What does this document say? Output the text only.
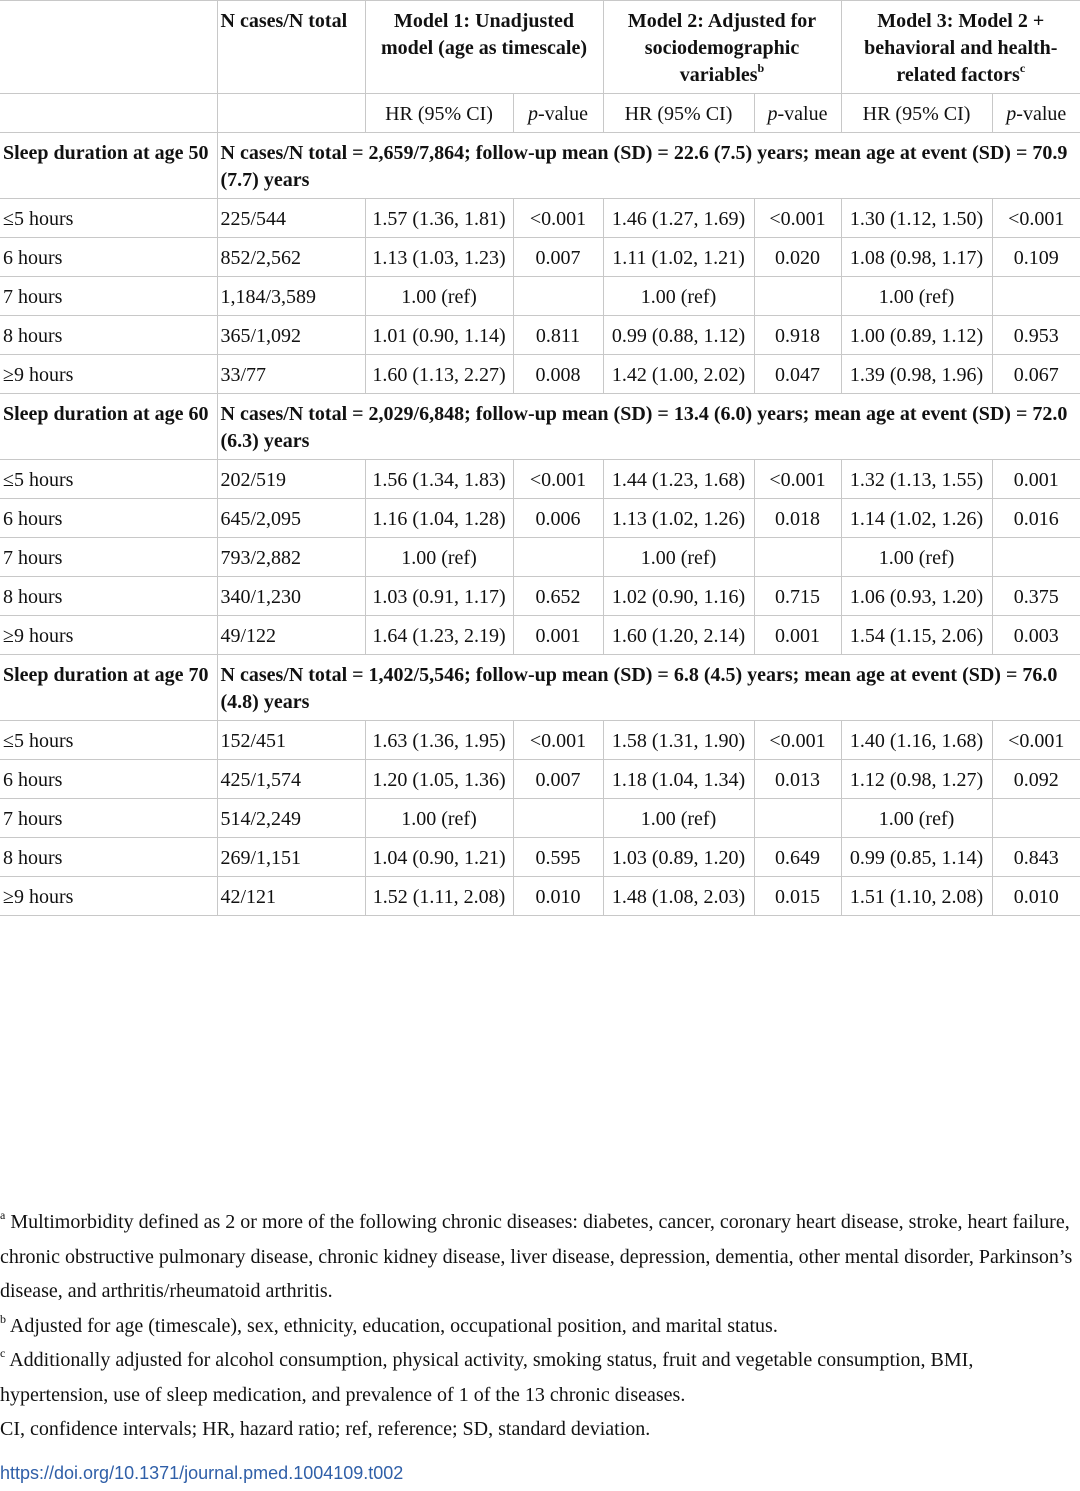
	N cases/N total	Model 1: Unadjusted model (age as timescale)		Model 2: Adjusted for sociodemographic variables$^b$		Model 3: Model 2 + behavioral and health-related factors$^c$
		HR (95% CI)	p-value	HR (95% CI)	p-value	HR (95% CI)	p-value
Sleep duration at age 50	N cases/N total = 2,659/7,864; follow-up mean (SD) = 22.6 (7.5) years; mean age at event (SD) = 70.9 (7.7) years						
≤5 hours	225/544	1.57 (1.36, 1.81)	<0.001	1.46 (1.27, 1.69)	<0.001	1.30 (1.12, 1.50)	<0.001
6 hours	852/2,562	1.13 (1.03, 1.23)	0.007	1.11 (1.02, 1.21)	0.020	1.08 (0.98, 1.17)	0.109
7 hours	1,184/3,589	1.00 (ref)		1.00 (ref)		1.00 (ref)	
8 hours	365/1,092	1.01 (0.90, 1.14)	0.811	0.99 (0.88, 1.12)	0.918	1.00 (0.89, 1.12)	0.953
≥9 hours	33/77	1.60 (1.13, 2.27)	0.008	1.42 (1.00, 2.02)	0.047	1.39 (0.98, 1.96)	0.067
Sleep duration at age 60	N cases/N total = 2,029/6,848; follow-up mean (SD) = 13.4 (6.0) years; mean age at event (SD) = 72.0 (6.3) years						
≤5 hours	202/519	1.56 (1.34, 1.83)	<0.001	1.44 (1.23, 1.68)	<0.001	1.32 (1.13, 1.55)	0.001
6 hours	645/2,095	1.16 (1.04, 1.28)	0.006	1.13 (1.02, 1.26)	0.018	1.14 (1.02, 1.26)	0.016
7 hours	793/2,882	1.00 (ref)		1.00 (ref)		1.00 (ref)	
8 hours	340/1,230	1.03 (0.91, 1.17)	0.652	1.02 (0.90, 1.16)	0.715	1.06 (0.93, 1.20)	0.375
≥9 hours	49/122	1.64 (1.23, 2.19)	0.001	1.60 (1.20, 2.14)	0.001	1.54 (1.15, 2.06)	0.003
Sleep duration at age 70	N cases/N total = 1,402/5,546; follow-up mean (SD) = 6.8 (4.5) years; mean age at event (SD) = 76.0 (4.8) years						
≤5 hours	152/451	1.63 (1.36, 1.95)	<0.001	1.58 (1.31, 1.90)	<0.001	1.40 (1.16, 1.68)	<0.001
6 hours	425/1,574	1.20 (1.05, 1.36)	0.007	1.18 (1.04, 1.34)	0.013	1.12 (0.98, 1.27)	0.092
7 hours	514/2,249	1.00 (ref)		1.00 (ref)		1.00 (ref)	
8 hours	269/1,151	1.04 (0.90, 1.21)	0.595	1.03 (0.89, 1.20)	0.649	0.99 (0.85, 1.14)	0.843
≥9 hours	42/121	1.52 (1.11, 2.08)	0.010	1.48 (1.08, 2.03)	0.015	1.51 (1.10, 2.08)	0.010

$^a$ Multimorbidity defined as 2 or more of the following chronic diseases: diabetes, cancer, coronary heart disease, stroke, heart failure, chronic obstructive pulmonary disease, chronic kidney disease, liver disease, depression, dementia, other mental disorder, Parkinson’s disease, and arthritis/rheumatoid arthritis.

$^b$ Adjusted for age (timescale), sex, ethnicity, education, occupational position, and marital status.

$^c$ Additionally adjusted for alcohol consumption, physical activity, smoking status, fruit and vegetable consumption, BMI, hypertension, use of sleep medication, and prevalence of 1 of the 13 chronic diseases.

CI, confidence intervals; HR, hazard ratio; ref, reference; SD, standard deviation.

https://doi.org/10.1371/journal.pmed.1004109.t002
